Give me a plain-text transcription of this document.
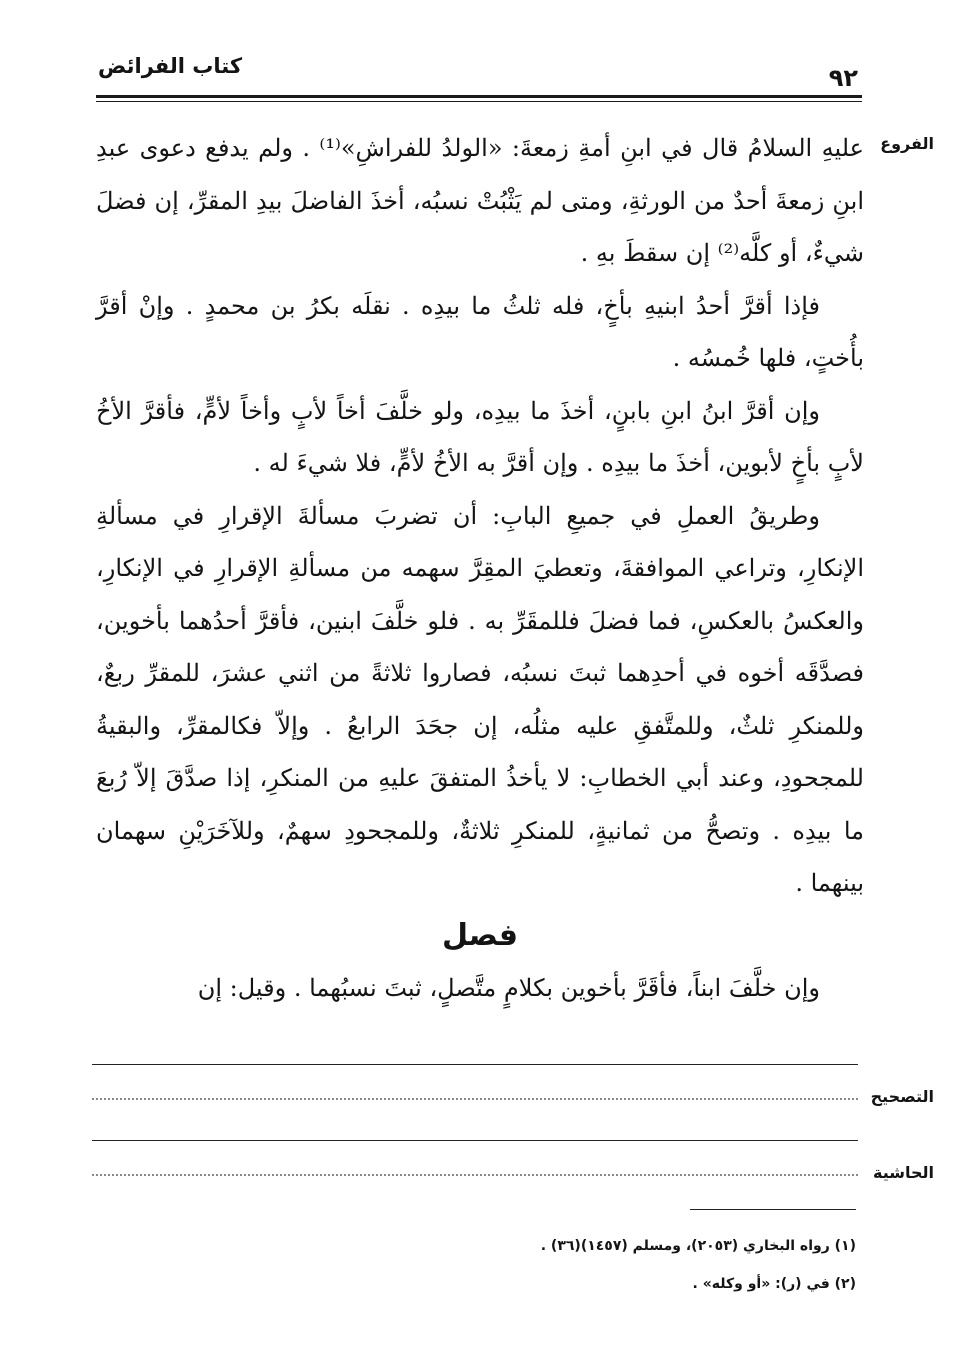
٩٢
كتاب الفرائض
الفروع

عليهِ السلامُ قال في ابنِ أمةِ زمعةَ: «الولدُ للفراشِ»⁽¹⁾ . ولم يدفع دعوى عبدِ ابنِ زمعةَ أحدٌ من الورثةِ، ومتى لم يَثْبُتْ نسبُه، أخذَ الفاضلَ بيدِ المقرِّ، إن فضلَ شيءٌ، أو كلَّه⁽²⁾ إن سقطَ بهِ .

فإذا أقرَّ أحدُ ابنيهِ بأخٍ، فله ثلثُ ما بيدِه . نقلَه بكرُ بن محمدٍ . وإنْ أقرَّ بأُختٍ، فلها خُمسُه .

وإن أقرَّ ابنُ ابنِ بابنٍ، أخذَ ما بيدِه، ولو خلَّفَ أخاً لأبٍ وأخاً لأمٍّ، فأقرَّ الأخُ لأبٍ بأخٍ لأبوين، أخذَ ما بيدِه . وإن أقرَّ به الأخُ لأمٍّ، فلا شيءَ له .

وطريقُ العملِ في جميعِ البابِ: أن تضربَ مسألةَ الإقرارِ في مسألةِ الإنكارِ، وتراعي الموافقةَ، وتعطيَ المقِرَّ سهمه من مسألةِ الإقرارِ في الإنكارِ، والعكسُ بالعكسِ، فما فضلَ فللمقَرِّ به . فلو خلَّفَ ابنين، فأقرَّ أحدُهما بأخوين، فصدَّقَه أخوه في أحدِهما ثبتَ نسبُه، فصاروا ثلاثةً من اثني عشرَ، للمقرِّ ربعٌ، وللمنكرِ ثلثٌ، وللمتَّفقِ عليه مثلُه، إن جحَدَ الرابعُ . وإلاّ فكالمقرِّ، والبقيةُ للمجحودِ، وعند أبي الخطابِ: لا يأخذُ المتفقَ عليهِ من المنكرِ، إذا صدَّقَ إلاّ رُبعَ ما بيدِه . وتصحُّ من ثمانيةٍ، للمنكرِ ثلاثةٌ، وللمجحودِ سهمٌ، وللآخَرَيْنِ سهمان بينهما .

فصل

وإن خلَّفَ ابناً، فأقَرَّ بأخوين بكلامٍ متَّصلٍ، ثبتَ نسبُهما . وقيل: إن

التصحيح
الحاشية
(١) رواه البخاري (٢٠٥٣)، ومسلم (١٤٥٧)(٣٦) .
(٢) في (ر): «أو وكله» .
